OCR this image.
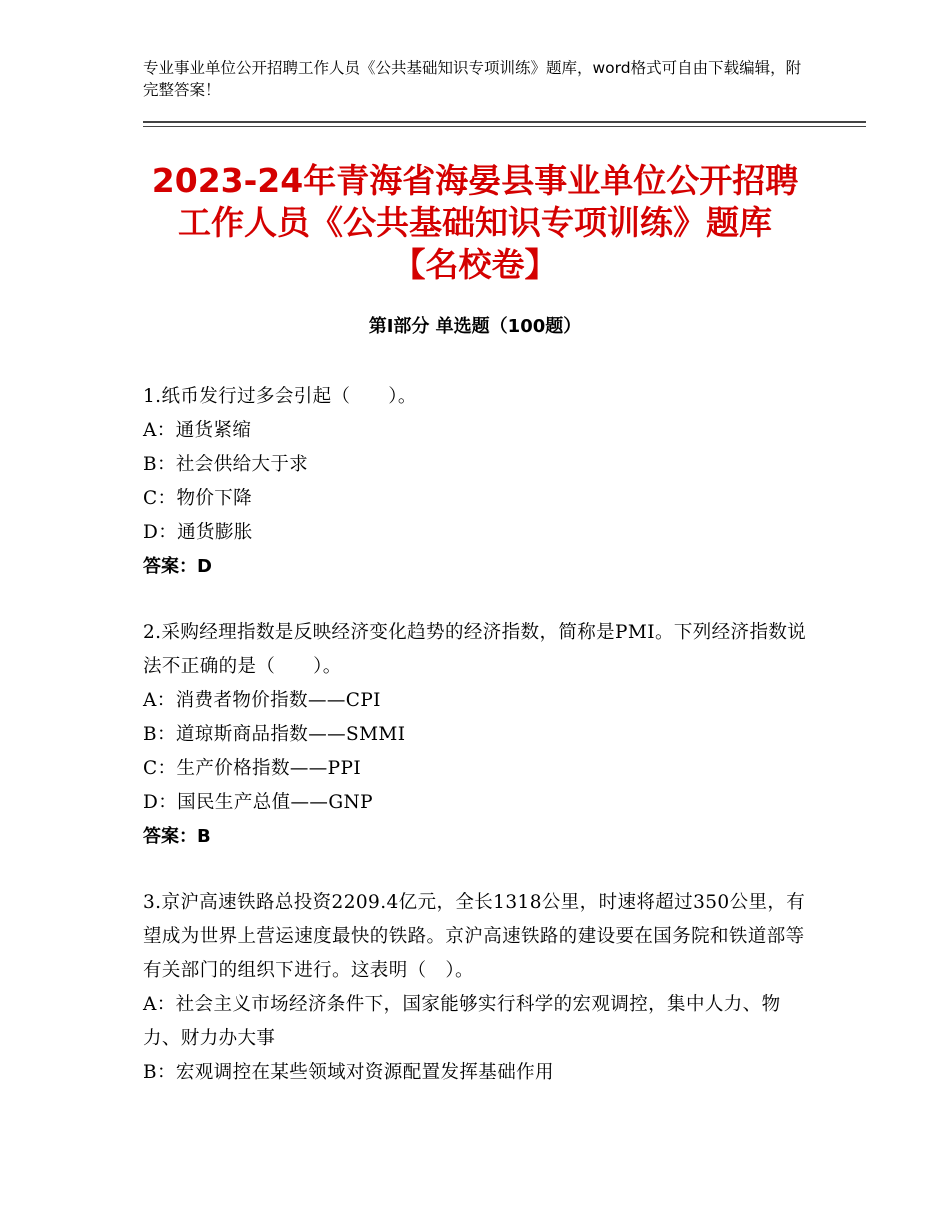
专业事业单位公开招聘工作人员《公共基础知识专项训练》题库，word格式可自由下载编辑，附完整答案！
2023-24年青海省海晏县事业单位公开招聘
工作人员《公共基础知识专项训练》题库
【名校卷】
第Ⅰ部分 单选题（100题）
1.纸币发行过多会引起（　　）。
A：通货紧缩
B：社会供给大于求
C：物价下降
D：通货膨胀
答案：D
2.采购经理指数是反映经济变化趋势的经济指数，简称是PMI。下列经济指数说法不正确的是（　　）。
A：消费者物价指数——CPI
B：道琼斯商品指数——SMMI
C：生产价格指数——PPI
D：国民生产总值——GNP
答案：B
3.京沪高速铁路总投资2209.4亿元，全长1318公里，时速将超过350公里，有望成为世界上营运速度最快的铁路。京沪高速铁路的建设要在国务院和铁道部等有关部门的组织下进行。这表明（　）。
A：社会主义市场经济条件下，国家能够实行科学的宏观调控，集中人力、物力、财力办大事
B：宏观调控在某些领域对资源配置发挥基础作用
